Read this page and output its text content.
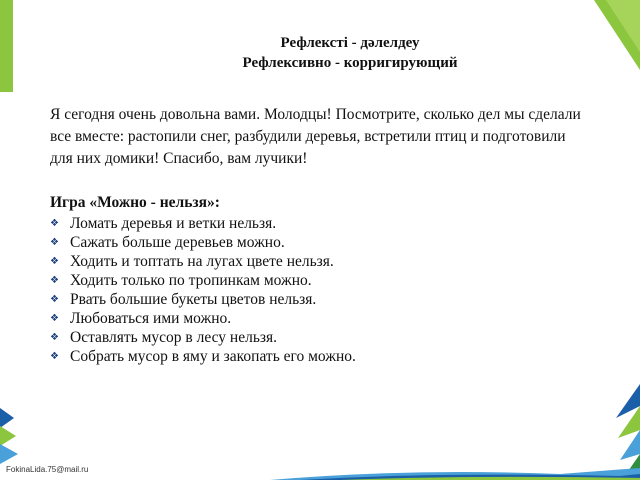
Рефлексті - дәлелдеу
Рефлексивно - корригирующий

Я сегодня очень довольна вами. Молодцы! Посмотрите, сколько дел мы сделали все вместе: растопили снег, разбудили деревья, встретили птиц и подготовили для них домики! Спасибо, вам лучики!

Игра «Можно - нельзя»:

❖ Ломать деревья и ветки нельзя.
❖ Сажать больше деревьев можно.
❖ Ходить и топтать на лугах цвете нельзя.
❖ Ходить только по тропинкам можно.
❖ Рвать большие букеты цветов нельзя.
❖ Любоваться ими можно.
❖ Оставлять мусор в лесу нельзя.
❖ Собрать мусор в яму и закопать его можно.
FokinaLida.75@mail.ru
